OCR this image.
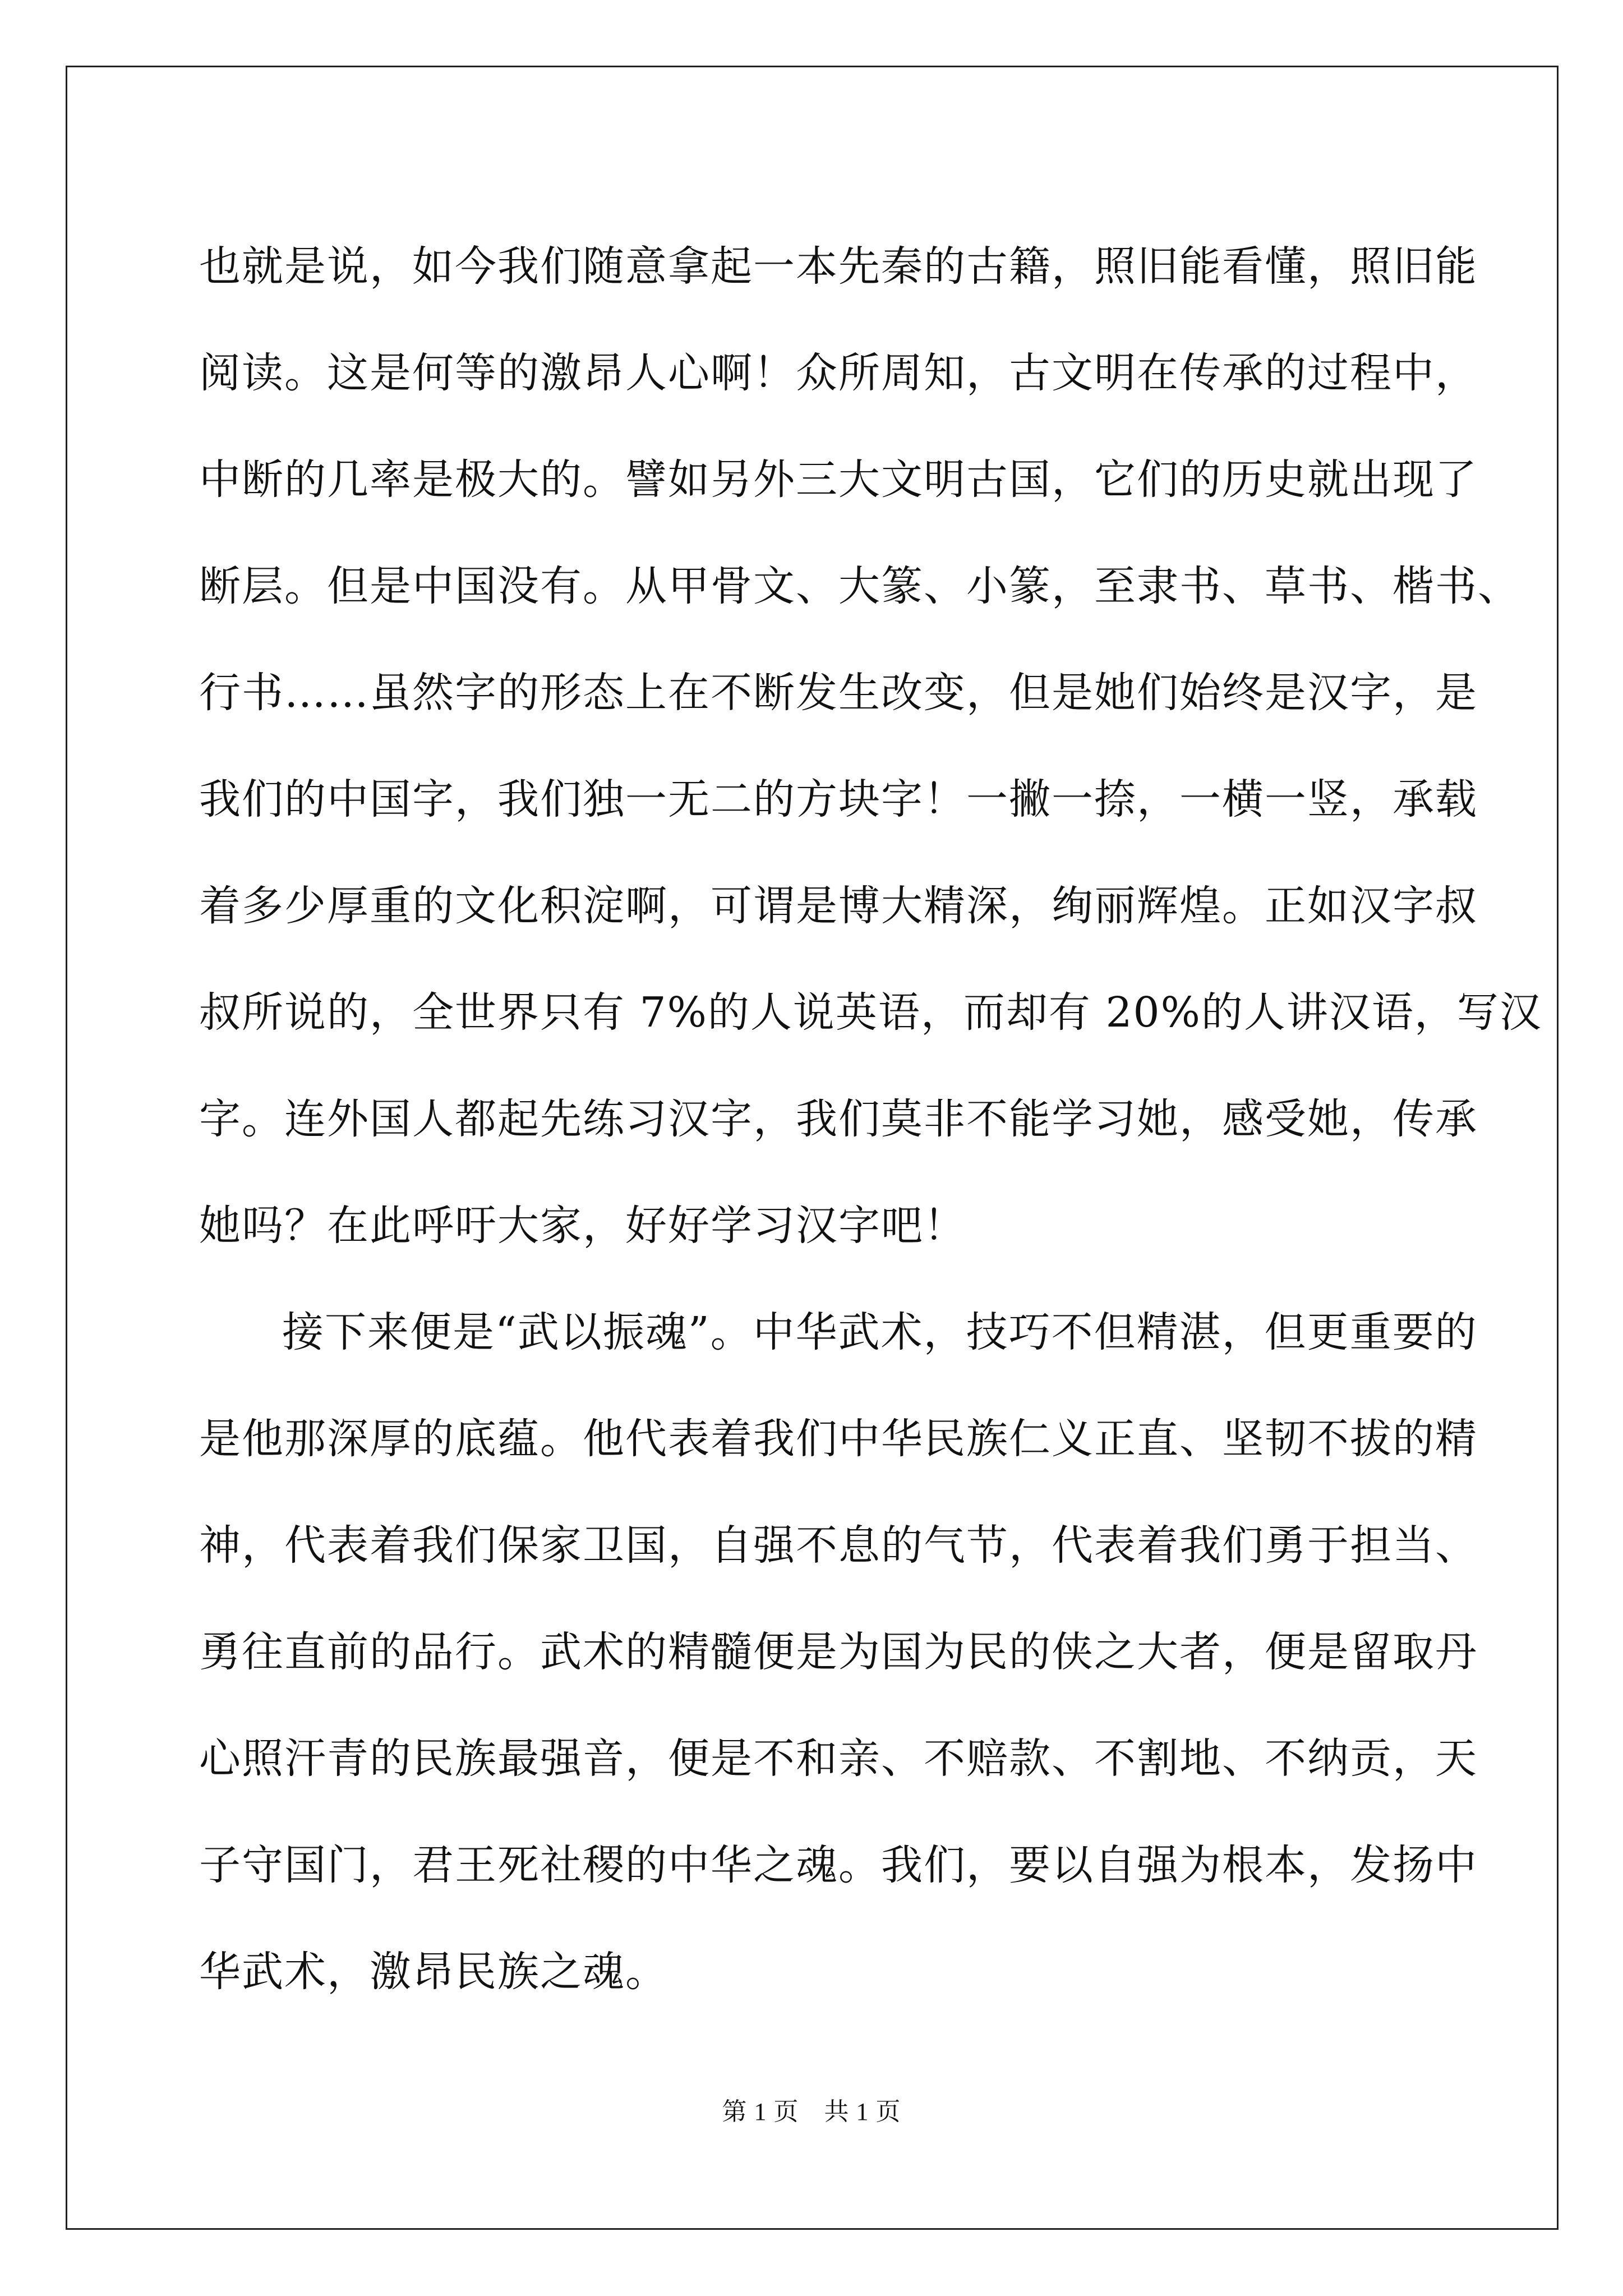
也就是说，如今我们随意拿起一本先秦的古籍，照旧能看懂，照旧能
阅读。这是何等的激昂人心啊！众所周知，古文明在传承的过程中，
中断的几率是极大的。譬如另外三大文明古国，它们的历史就出现了
断层。但是中国没有。从甲骨文、大篆、小篆，至隶书、草书、楷书、
行书……虽然字的形态上在不断发生改变，但是她们始终是汉字，是
我们的中国字，我们独一无二的方块字！一撇一捺，一横一竖，承载
着多少厚重的文化积淀啊，可谓是博大精深，绚丽辉煌。正如汉字叔
叔所说的，全世界只有 7%的人说英语，而却有 20%的人讲汉语，写汉
字。连外国人都起先练习汉字，我们莫非不能学习她，感受她，传承
她吗？在此呼吁大家，好好学习汉字吧！
接下来便是“武以振魂”。中华武术，技巧不但精湛，但更重要的
是他那深厚的底蕴。他代表着我们中华民族仁义正直、坚韧不拔的精
神，代表着我们保家卫国，自强不息的气节，代表着我们勇于担当、
勇往直前的品行。武术的精髓便是为国为民的侠之大者，便是留取丹
心照汗青的民族最强音，便是不和亲、不赔款、不割地、不纳贡，天
子守国门，君王死社稷的中华之魂。我们，要以自强为根本，发扬中
华武术，激昂民族之魂。
第 1 页　共 1 页
